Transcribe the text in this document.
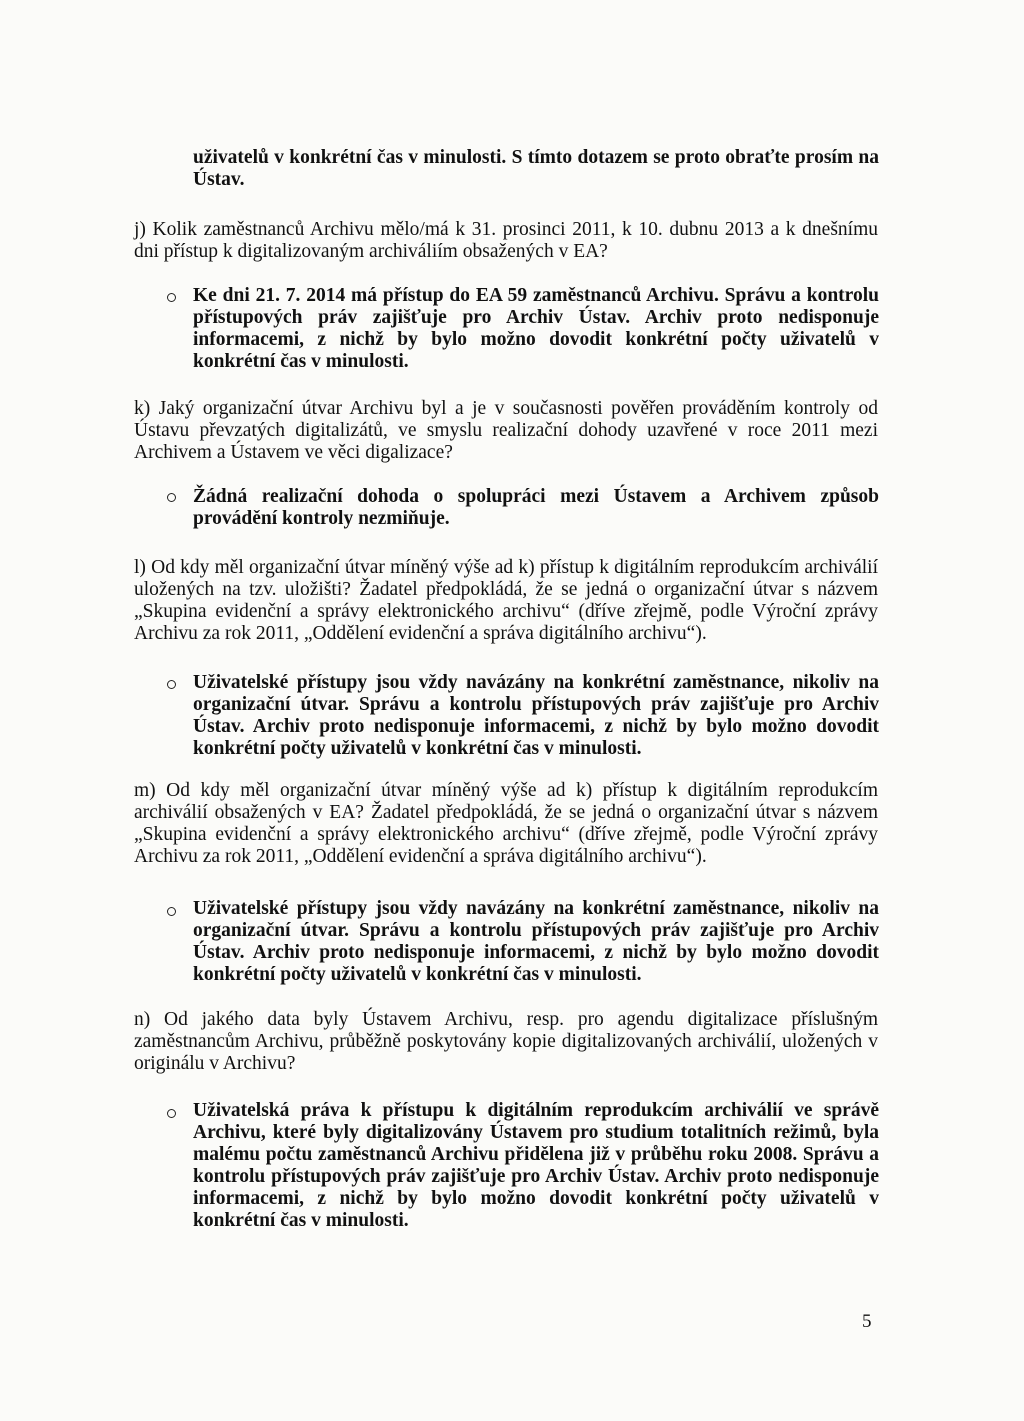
uživatelů v konkrétní čas v minulosti. S tímto dotazem se proto obraťte prosím na Ústav.
j) Kolik zaměstnanců Archivu mělo/má k 31. prosinci 2011, k 10. dubnu 2013 a k dnešnímu dni přístup k digitalizovaným archiváliím obsažených v EA?
Ke dni 21. 7. 2014 má přístup do EA 59 zaměstnanců Archivu. Správu a kontrolu přístupových práv zajišťuje pro Archiv Ústav. Archiv proto nedisponuje informacemi, z nichž by bylo možno dovodit konkrétní počty uživatelů v konkrétní čas v minulosti.
k) Jaký organizační útvar Archivu byl a je v současnosti pověřen prováděním kontroly od Ústavu převzatých digitalizátů, ve smyslu realizační dohody uzavřené v roce 2011 mezi Archivem a Ústavem ve věci digalizace?
Žádná realizační dohoda o spolupráci mezi Ústavem a Archivem způsob provádění kontroly nezmiňuje.
l) Od kdy měl organizační útvar míněný výše ad k) přístup k digitálním reprodukcím archiválií uložených na tzv. uložišti? Žadatel předpokládá, že se jedná o organizační útvar s názvem „Skupina evidenční a správy elektronického archivu“ (dříve zřejmě, podle Výroční zprávy Archivu za rok 2011, „Oddělení evidenční a správa digitálního archivu“).
Uživatelské přístupy jsou vždy navázány na konkrétní zaměstnance, nikoliv na organizační útvar. Správu a kontrolu přístupových práv zajišťuje pro Archiv Ústav. Archiv proto nedisponuje informacemi, z nichž by bylo možno dovodit konkrétní počty uživatelů v konkrétní čas v minulosti.
m) Od kdy měl organizační útvar míněný výše ad k) přístup k digitálním reprodukcím archiválií obsažených v EA? Žadatel předpokládá, že se jedná o organizační útvar s názvem „Skupina evidenční a správy elektronického archivu“ (dříve zřejmě, podle Výroční zprávy Archivu za rok 2011, „Oddělení evidenční a správa digitálního archivu“).
Uživatelské přístupy jsou vždy navázány na konkrétní zaměstnance, nikoliv na organizační útvar. Správu a kontrolu přístupových práv zajišťuje pro Archiv Ústav. Archiv proto nedisponuje informacemi, z nichž by bylo možno dovodit konkrétní počty uživatelů v konkrétní čas v minulosti.
n) Od jakého data byly Ústavem Archivu, resp. pro agendu digitalizace příslušným zaměstnancům Archivu, průběžně poskytovány kopie digitalizovaných archiválií, uložených v originálu v Archivu?
Uživatelská práva k přístupu k digitálním reprodukcím archiválií ve správě Archivu, které byly digitalizovány Ústavem pro studium totalitních režimů, byla malému počtu zaměstnanců Archivu přidělena již v průběhu roku 2008. Správu a kontrolu přístupových práv zajišťuje pro Archiv Ústav. Archiv proto nedisponuje informacemi, z nichž by bylo možno dovodit konkrétní počty uživatelů v konkrétní čas v minulosti.
5
